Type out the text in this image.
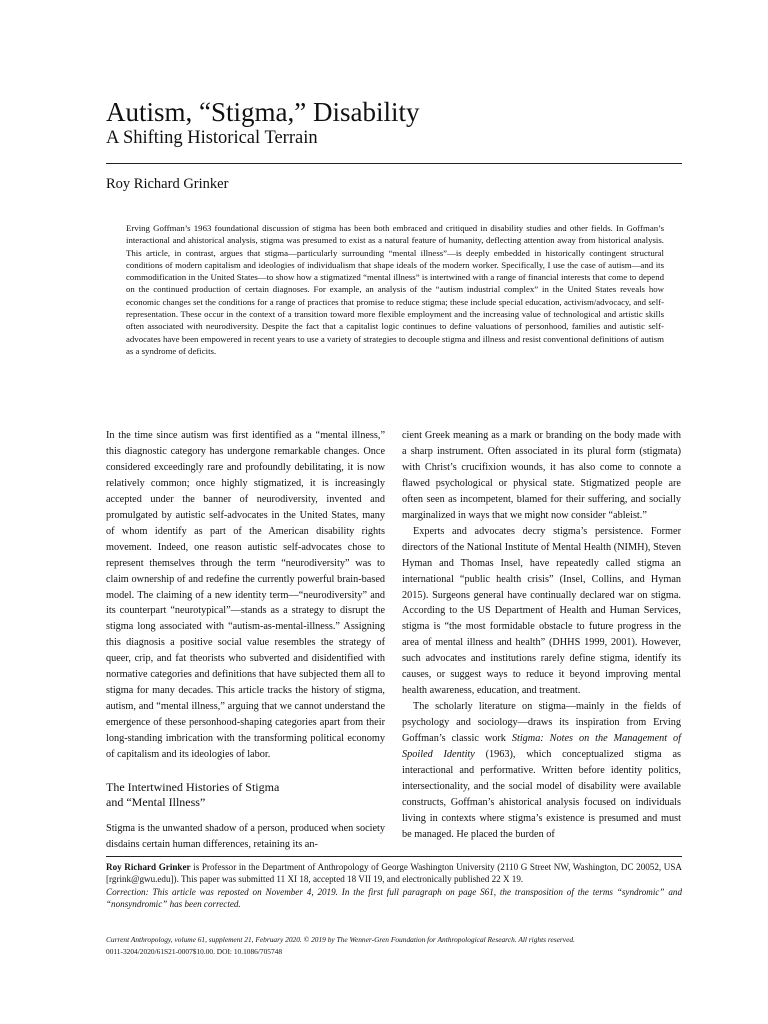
Autism, “Stigma,” Disability
A Shifting Historical Terrain
Roy Richard Grinker

Erving Goffman’s 1963 foundational discussion of stigma has been both embraced and critiqued in disability studies and other fields. In Goffman’s interactional and ahistorical analysis, stigma was presumed to exist as a natural feature of humanity, deflecting attention away from historical analysis. This article, in contrast, argues that stigma—particularly surrounding “mental illness”—is deeply embedded in historically contingent structural conditions of modern capitalism and ideologies of individualism that shape ideals of the modern worker. Specifically, I use the case of autism—and its commodification in the United States—to show how a stigmatized “mental illness” is intertwined with a range of financial interests that come to depend on the continued production of certain diagnoses. For example, an analysis of the “autism industrial complex” in the United States reveals how economic changes set the conditions for a range of practices that promise to reduce stigma; these include special education, activism/advocacy, and self-representation. These occur in the context of a transition toward more flexible employment and the increasing value of technological and artistic skills often associated with neurodiversity. Despite the fact that a capitalist logic continues to define valuations of personhood, families and autistic self-advocates have been empowered in recent years to use a variety of strategies to decouple stigma and illness and resist conventional definitions of autism as a syndrome of deficits.

In the time since autism was first identified as a “mental illness,” this diagnostic category has undergone remarkable changes. Once considered exceedingly rare and profoundly debilitating, it is now relatively common; once highly stigmatized, it is increasingly accepted under the banner of neurodiversity, invented and promulgated by autistic self-advocates in the United States, many of whom identify as part of the American disability rights movement. Indeed, one reason autistic self-advocates chose to represent themselves through the term “neurodiversity” was to claim ownership of and redefine the currently powerful brain-based model. The claiming of a new identity term—“neurodiversity” and its counterpart “neurotypical”—stands as a strategy to disrupt the stigma long associated with “autism-as-mental-illness.” Assigning this diagnosis a positive social value resembles the strategy of queer, crip, and fat theorists who subverted and disidentified with normative categories and definitions that have subjected them all to stigma for many decades. This article tracks the history of stigma, autism, and “mental illness,” arguing that we cannot understand the emergence of these personhood-shaping categories apart from their long-standing imbrication with the transforming political economy of capitalism and its ideologies of labor.

The Intertwined Histories of Stigma
and “Mental Illness”

Stigma is the unwanted shadow of a person, produced when society disdains certain human differences, retaining its an-

cient Greek meaning as a mark or branding on the body made with a sharp instrument. Often associated in its plural form (stigmata) with Christ’s crucifixion wounds, it has also come to connote a flawed psychological or physical state. Stigmatized people are often seen as incompetent, blamed for their suffering, and socially marginalized in ways that we might now consider “ableist.”

Experts and advocates decry stigma’s persistence. Former directors of the National Institute of Mental Health (NIMH), Steven Hyman and Thomas Insel, have repeatedly called stigma an international “public health crisis” (Insel, Collins, and Hyman 2015). Surgeons general have continually declared war on stigma. According to the US Department of Health and Human Services, stigma is “the most formidable obstacle to future progress in the area of mental illness and health” (DHHS 1999, 2001). However, such advocates and institutions rarely define stigma, identify its causes, or suggest ways to reduce it beyond improving mental health awareness, education, and treatment.

The scholarly literature on stigma—mainly in the fields of psychology and sociology—draws its inspiration from Erving Goffman’s classic work Stigma: Notes on the Management of Spoiled Identity (1963), which conceptualized stigma as interactional and performative. Written before identity politics, intersectionality, and the social model of disability were available constructs, Goffman’s ahistorical analysis focused on individuals living in contexts where stigma’s existence is presumed and must be managed. He placed the burden of

Roy Richard Grinker is Professor in the Department of Anthropology of George Washington University (2110 G Street NW, Washington, DC 20052, USA [rgrink@gwu.edu]). This paper was submitted 11 XI 18, accepted 18 VII 19, and electronically published 22 X 19.
Correction: This article was reposted on November 4, 2019. In the first full paragraph on page S61, the transposition of the terms “syndromic” and “nonsyndromic” has been corrected.
Current Anthropology, volume 61, supplement 21, February 2020. © 2019 by The Wenner-Gren Foundation for Anthropological Research. All rights reserved.
0011-3204/2020/61S21-0007$10.00. DOI: 10.1086/705748
